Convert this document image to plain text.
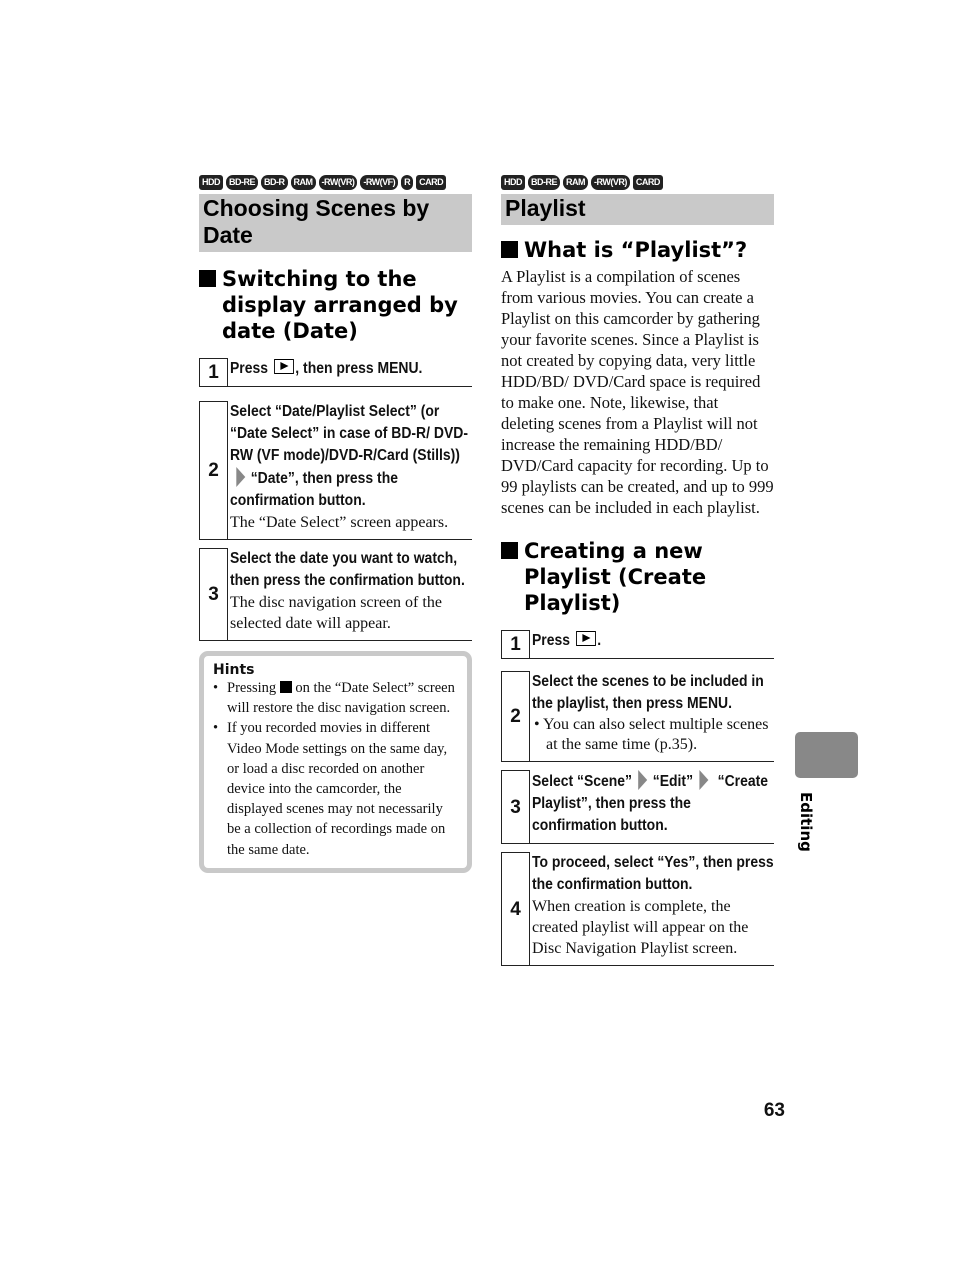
HDD	BD-RE	BD-R	RAM	-RW(VR)	-RW(VF)	R	CARD
Choosing Scenes by Date
Switching to the display arranged by date (Date)
1 Press , then press MENU.
2
Select “Date/Playlist Select” (or “Date Select” in case of BD-R/ DVD-RW (VF mode)/DVD-R/Card (Stills))“Date”, then press the confirmation button.
The “Date Select” screen appears.
3
Select the date you want to watch, then press the confirmation button.
The disc navigation screen of the selected date will appear.
Hints
• Pressing on the “Date Select” screen will restore the disc navigation screen.
• If you recorded movies in different Video Mode settings on the same day, or load a disc recorded on another device into the camcorder, the displayed scenes may not necessarily be a collection of recordings made on the same date.
HDD	BD-RE	RAM	-RW(VR)	CARD
Playlist
What is “Playlist”?
A Playlist is a compilation of scenes from various movies. You can create a Playlist on this camcorder by gathering your favorite scenes. Since a Playlist is not created by copying data, very little HDD/BD/ DVD/Card space is required to make one. Note, likewise, that deleting scenes from a Playlist will not increase the remaining HDD/BD/ DVD/Card capacity for recording. Up to 99 playlists can be created, and up to 999 scenes can be included in each playlist.
Creating a new Playlist (Create Playlist)
1 Press .
2
Select the scenes to be included in the playlist, then press MENU.
• You can also select multiple scenes at the same time (p.35).
3
Select “Scene” “Edit” “Create Playlist”, then press the confirmation button.
4
To proceed, select “Yes”, then press the confirmation button.
When creation is complete, the created playlist will appear on the Disc Navigation Playlist screen.
Editing
63
